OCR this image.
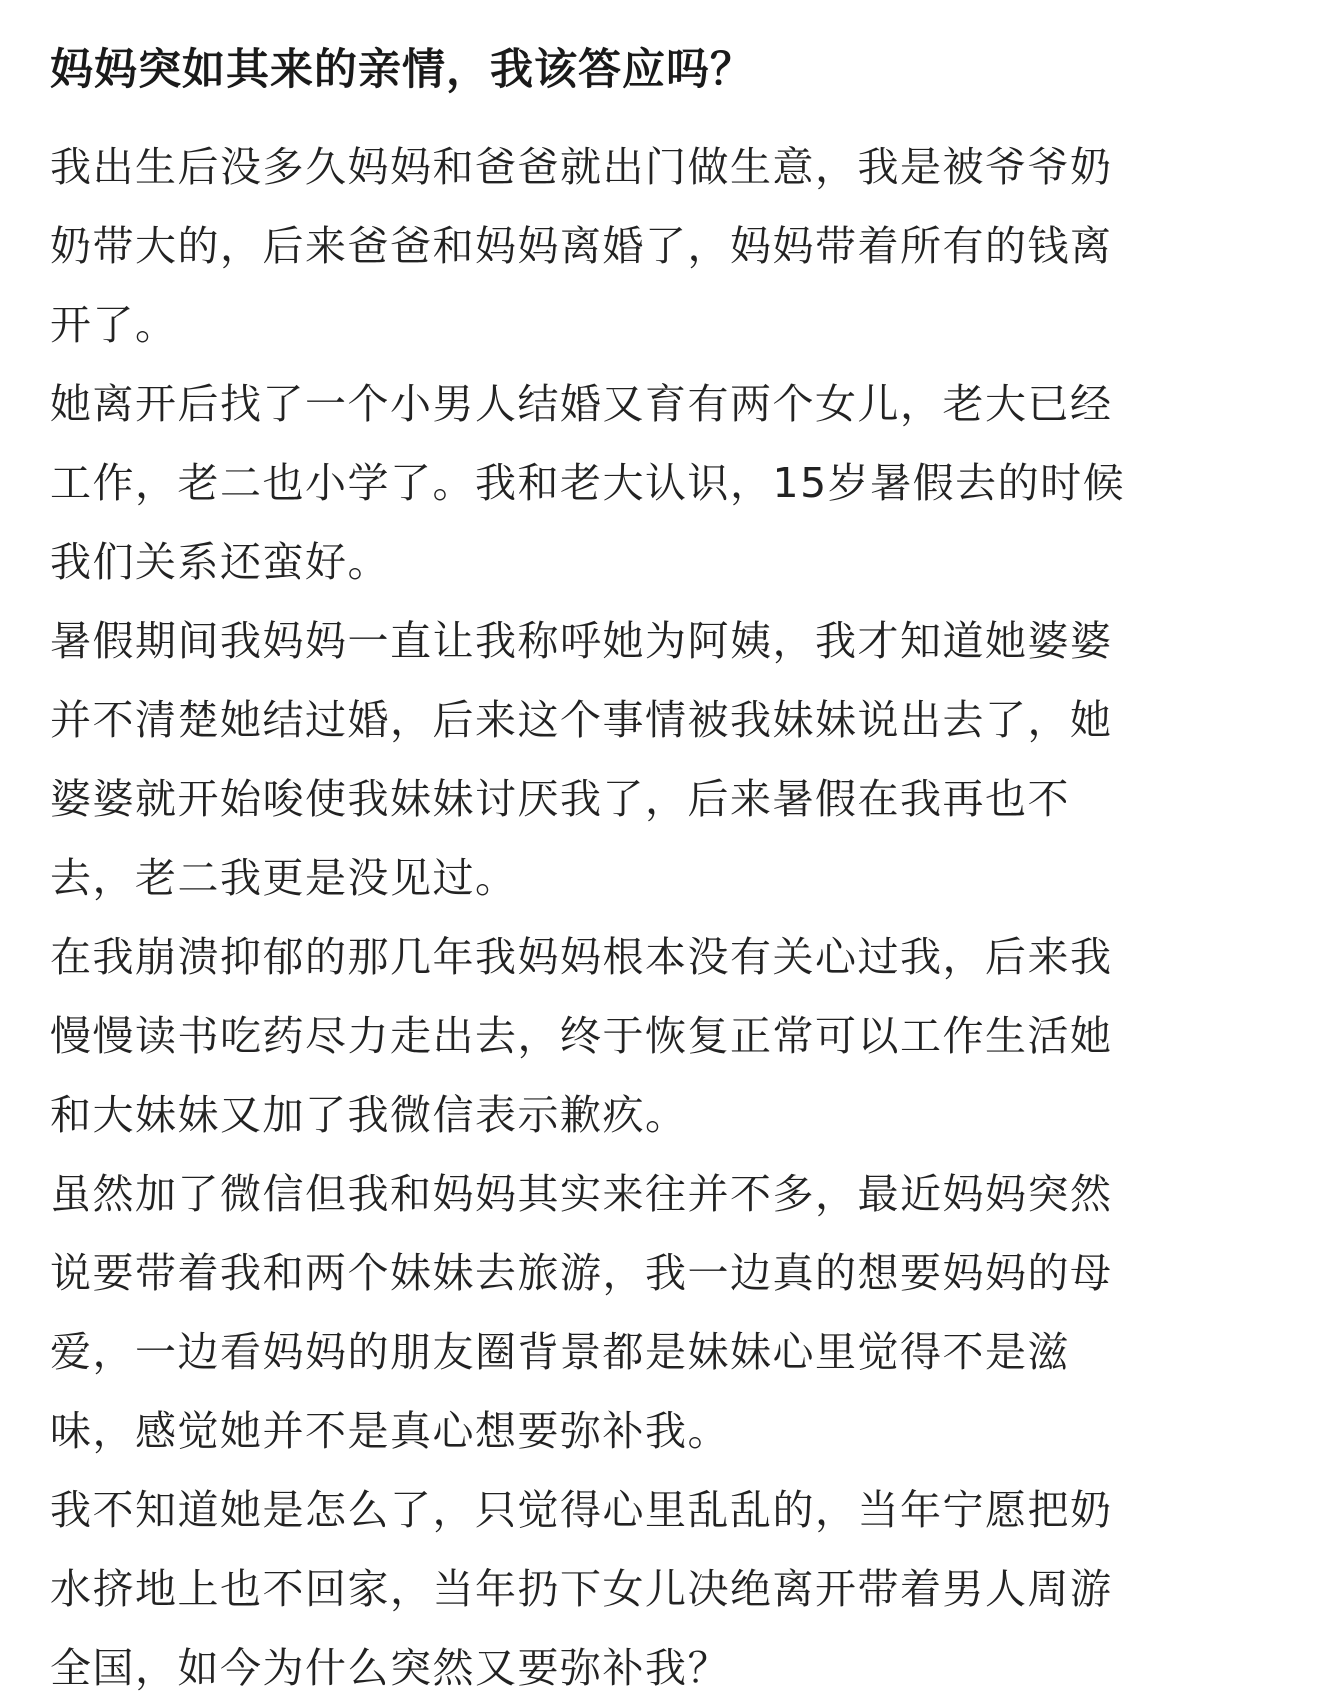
妈妈突如其来的亲情，我该答应吗？

我出生后没多久妈妈和爸爸就出门做生意，我是被爷爷奶
奶带大的，后来爸爸和妈妈离婚了，妈妈带着所有的钱离
开了。

她离开后找了一个小男人结婚又育有两个女儿，老大已经
工作，老二也小学了。我和老大认识，15岁暑假去的时候
我们关系还蛮好。

暑假期间我妈妈一直让我称呼她为阿姨，我才知道她婆婆
并不清楚她结过婚，后来这个事情被我妹妹说出去了，她
婆婆就开始唆使我妹妹讨厌我了，后来暑假在我再也不
去，老二我更是没见过。

在我崩溃抑郁的那几年我妈妈根本没有关心过我，后来我
慢慢读书吃药尽力走出去，终于恢复正常可以工作生活她
和大妹妹又加了我微信表示歉疚。

虽然加了微信但我和妈妈其实来往并不多，最近妈妈突然
说要带着我和两个妹妹去旅游，我一边真的想要妈妈的母
爱，一边看妈妈的朋友圈背景都是妹妹心里觉得不是滋
味，感觉她并不是真心想要弥补我。

我不知道她是怎么了，只觉得心里乱乱的，当年宁愿把奶
水挤地上也不回家，当年扔下女儿决绝离开带着男人周游
全国，如今为什么突然又要弥补我？
